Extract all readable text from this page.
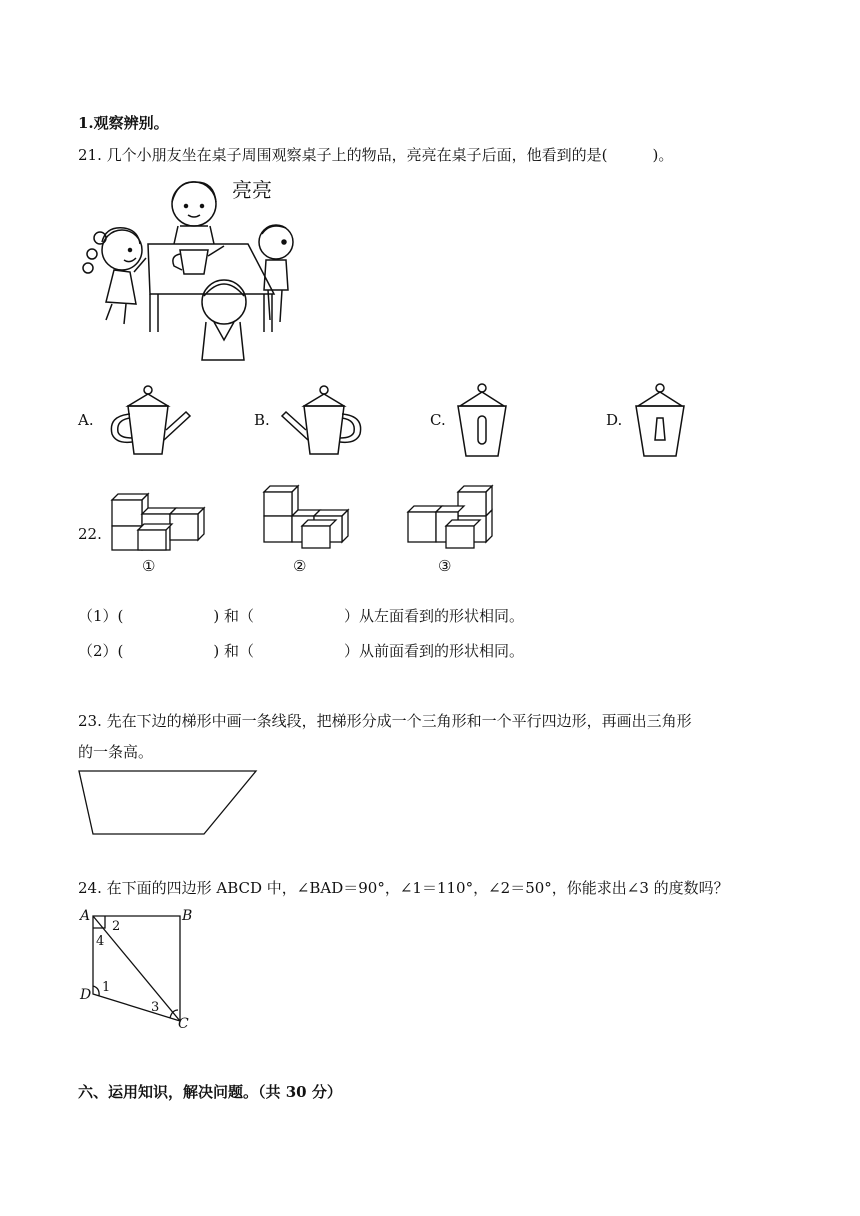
1.观察辨别。
21. 几个小朋友坐在桌子周围观察桌子上的物品，亮亮在桌子后面，他看到的是(　　　)。
亮亮
A.	B.	C.	D.
22.
①	②	③
（1）(　　　　　　) 和（　　　　　　）从左面看到的形状相同。
（2）(　　　　　　) 和（　　　　　　）从前面看到的形状相同。
23. 先在下边的梯形中画一条线段，把梯形分成一个三角形和一个平行四边形，再画出三角形
的一条高。
24. 在下面的四边形 ABCD 中，∠BAD＝90°，∠1＝110°，∠2＝50°，你能求出∠3 的度数吗？
A	B
D
C
2
4
1
3
六、运用知识，解决问题。（共 30 分）
